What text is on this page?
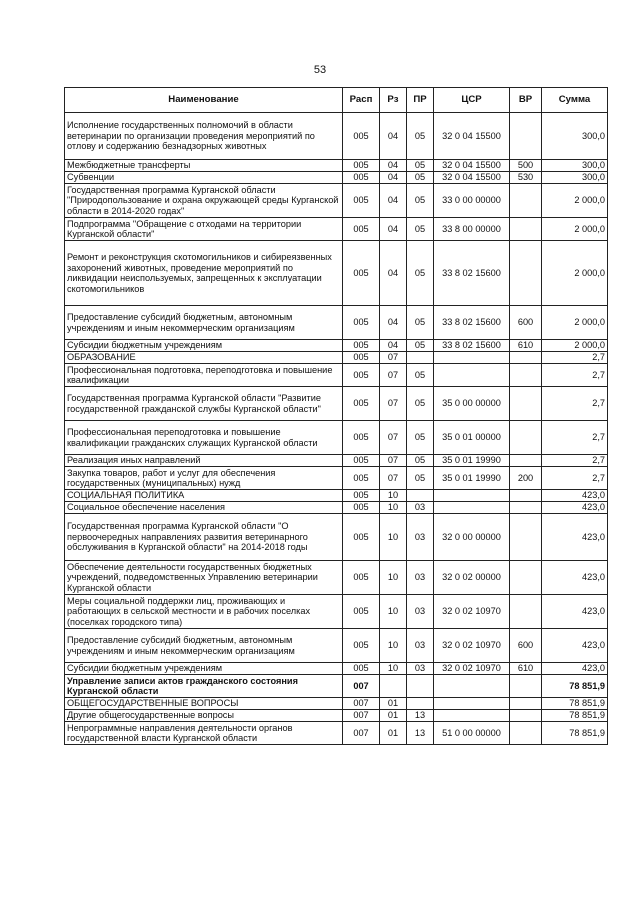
53
Наименование	Расп	Рз	ПР	ЦСР	ВР	Сумма
Исполнение государственных полномочий в области ветеринарии по организации проведения мероприятий по отлову и содержанию безнадзорных животных	005	04	05	32 0 04 15500		300,0
Межбюджетные трансферты	005	04	05	32 0 04 15500	500	300,0
Субвенции	005	04	05	32 0 04 15500	530	300,0
Государственная программа Курганской области "Природопользование и охрана окружающей среды Курганской области в 2014-2020 годах"	005	04	05	33 0 00 00000		2 000,0
Подпрограмма "Обращение с отходами на территории Курганской области"	005	04	05	33 8 00 00000		2 000,0
Ремонт и реконструкция скотомогильников и сибиреязвенных захоронений животных, проведение мероприятий по ликвидации неиспользуемых, запрещенных к эксплуатации скотомогильников	005	04	05	33 8 02 15600		2 000,0
Предоставление субсидий бюджетным, автономным учреждениям и иным некоммерческим организациям	005	04	05	33 8 02 15600	600	2 000,0
Субсидии бюджетным учреждениям	005	04	05	33 8 02 15600	610	2 000,0
ОБРАЗОВАНИЕ	005	07				2,7
Профессиональная подготовка, переподготовка и повышение квалификации	005	07	05			2,7
Государственная программа Курганской области "Развитие государственной гражданской службы Курганской области"	005	07	05	35 0 00 00000		2,7
Профессиональная переподготовка и повышение квалификации гражданских служащих Курганской области	005	07	05	35 0 01 00000		2,7
Реализация иных направлений	005	07	05	35 0 01 19990		2,7
Закупка товаров, работ и услуг для обеспечения государственных (муниципальных) нужд	005	07	05	35 0 01 19990	200	2,7
СОЦИАЛЬНАЯ ПОЛИТИКА	005	10				423,0
Социальное обеспечение населения	005	10	03			423,0
Государственная программа Курганской области "О первоочередных направлениях развития ветеринарного обслуживания в Курганской области" на 2014-2018 годы	005	10	03	32 0 00 00000		423,0
Обеспечение деятельности государственных бюджетных учреждений, подведомственных Управлению ветеринарии Курганской области	005	10	03	32 0 02 00000		423,0
Меры социальной поддержки лиц, проживающих и работающих в сельской местности и в рабочих поселках (поселках городского типа)	005	10	03	32 0 02 10970		423,0
Предоставление субсидий бюджетным, автономным учреждениям и иным некоммерческим организациям	005	10	03	32 0 02 10970	600	423,0
Субсидии бюджетным учреждениям	005	10	03	32 0 02 10970	610	423,0
Управление записи актов гражданского состояния Курганской области	007					78 851,9
ОБЩЕГОСУДАРСТВЕННЫЕ ВОПРОСЫ	007	01				78 851,9
Другие общегосударственные вопросы	007	01	13			78 851,9
Непрограммные направления деятельности органов государственной власти Курганской области	007	01	13	51 0 00 00000		78 851,9
